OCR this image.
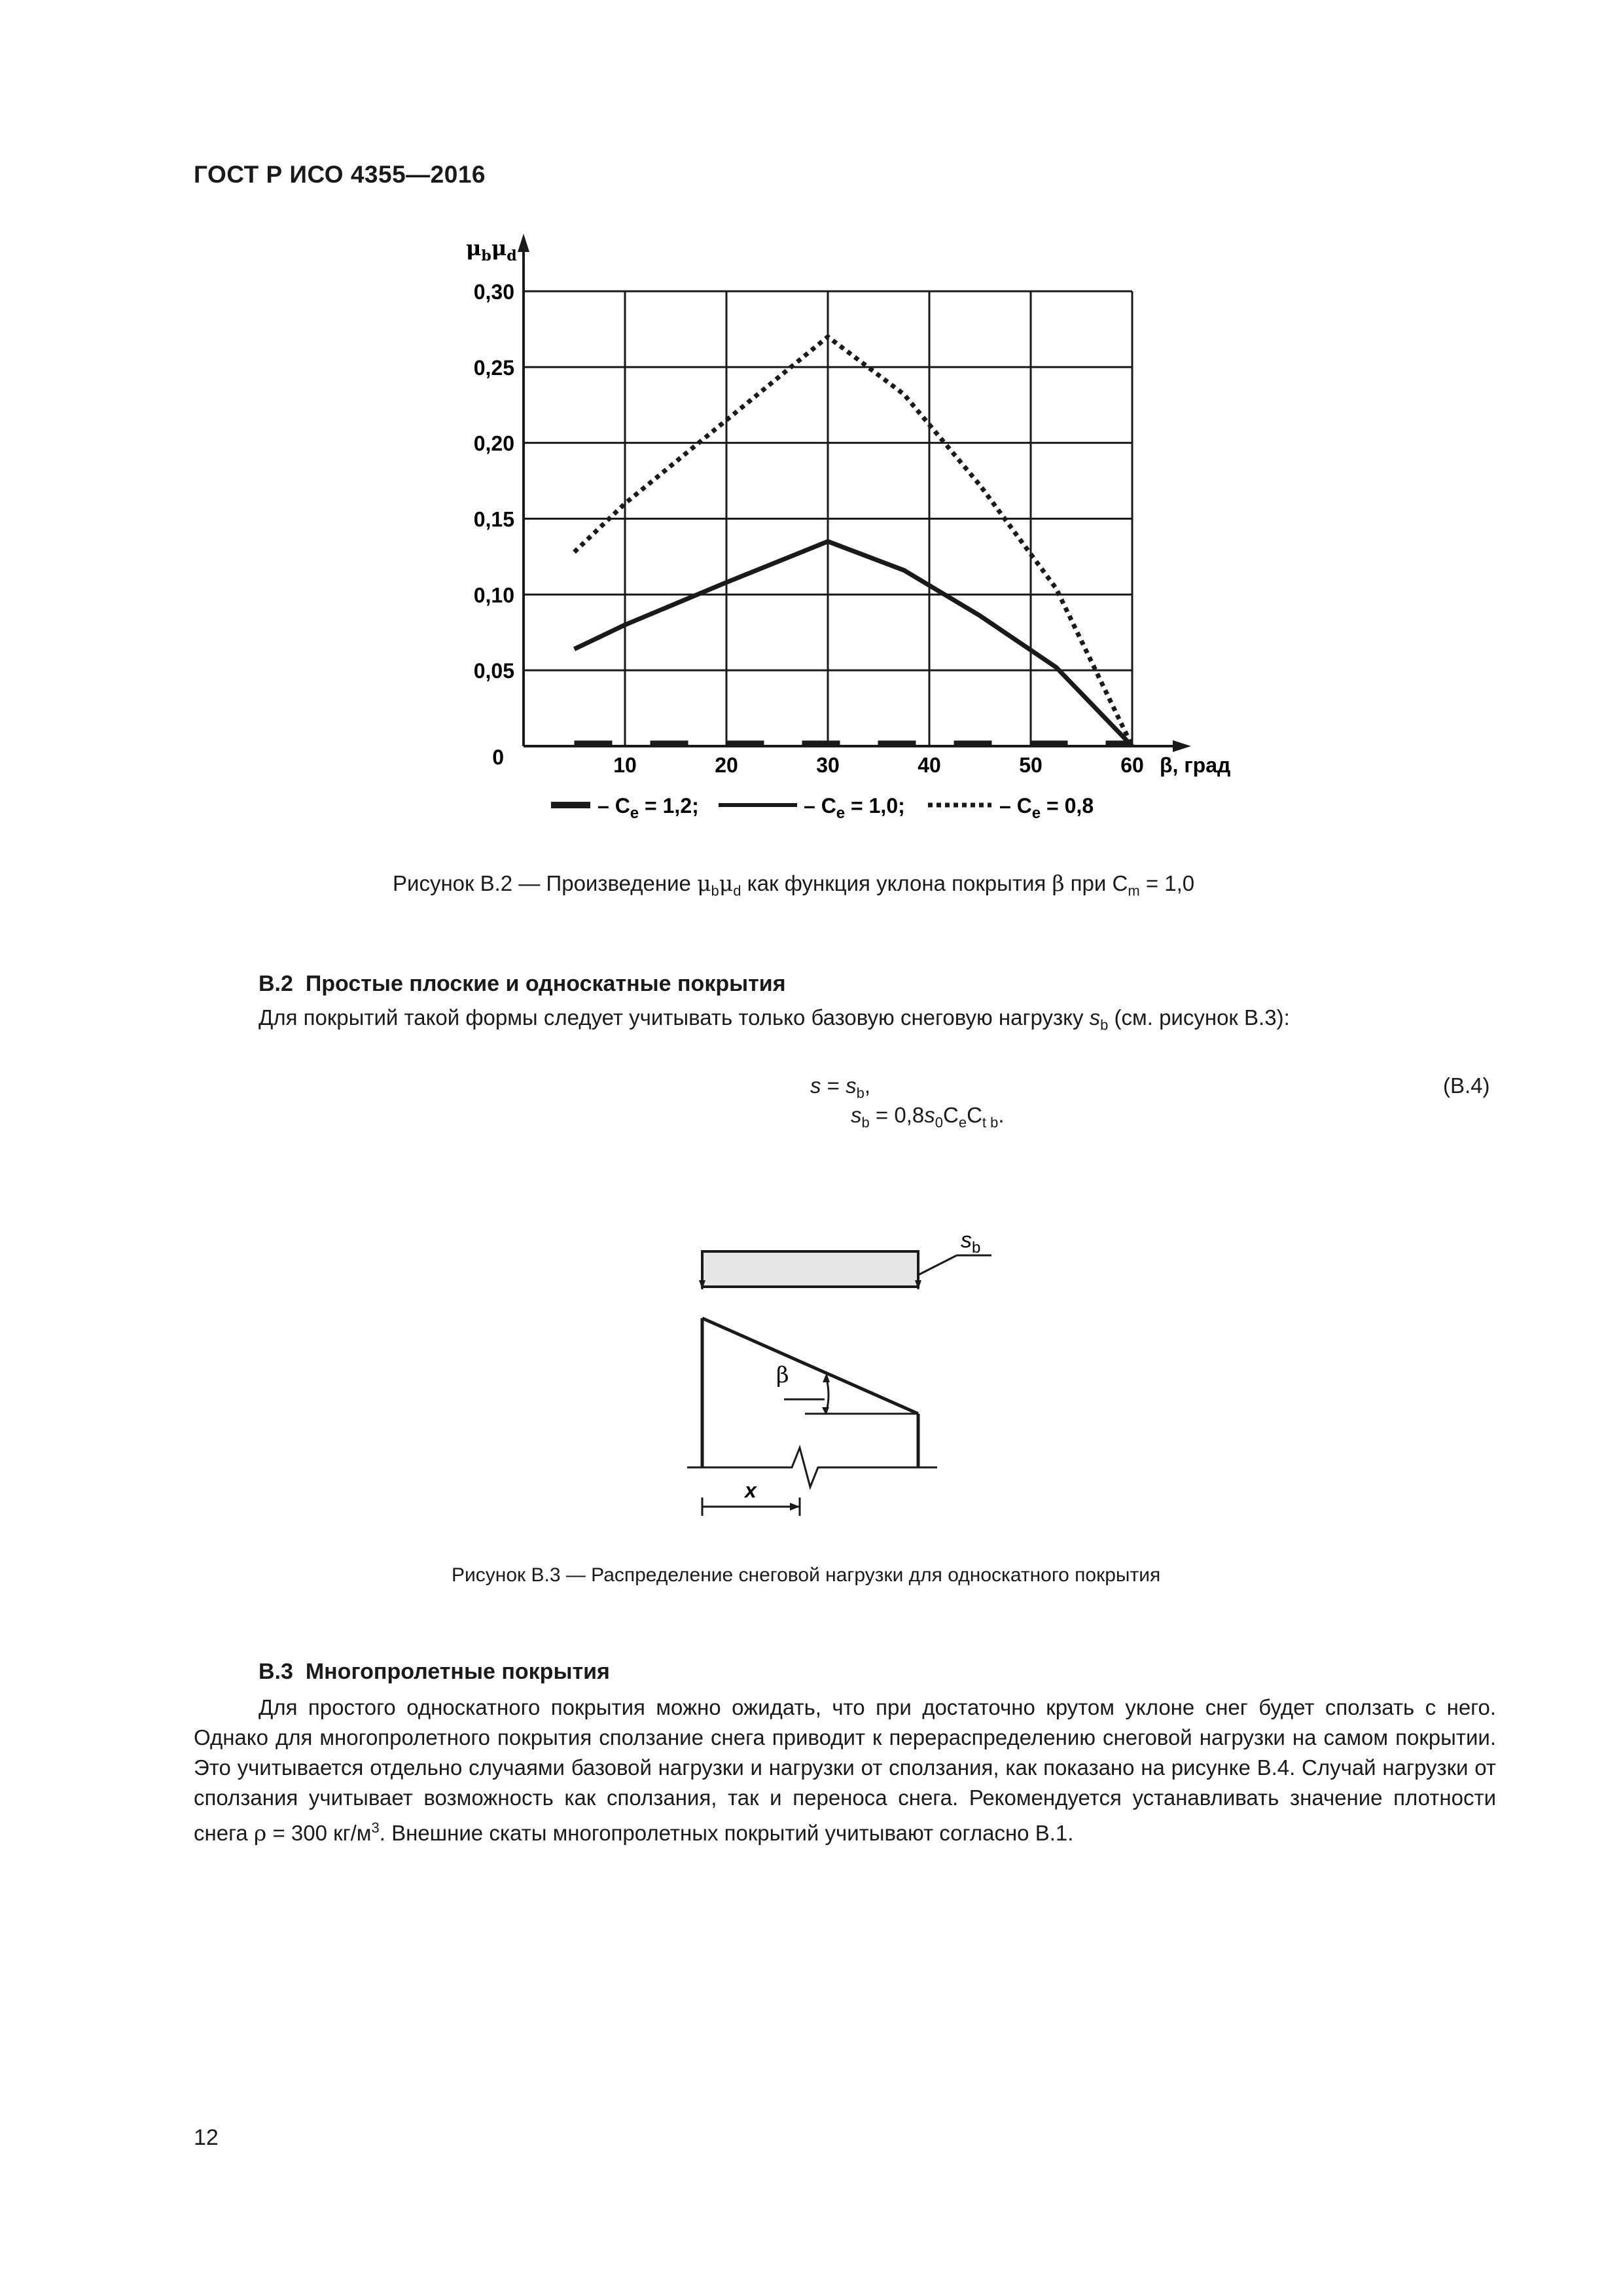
ГОСТ Р ИСО 4355—2016
$\mu_b\mu_d$
0
0,05
0,10
0,15
0,20
0,25
0,30
10	20	30	40	50	60 β, град
– $C_e = 1,2$;	– $C_e = 1,0$;	– $C_e = 0,8$
Рисунок В.2 — Произведение $\mu_b\mu_d$ как функция уклона покрытия β при $C_m = 1,0$
В.2 Простые плоские и односкатные покрытия
Для покрытий такой формы следует учитывать только базовую снеговую нагрузку $s_b$ (см. рисунок В.3):
$s = s_b$,
$s_b = 0,8s_0C_eC_{t b}$.
(В.4)
$s_b$
β
x
Рисунок В.3 — Распределение снеговой нагрузки для односкатного покрытия
В.3 Многопролетные покрытия
Для простого односкатного покрытия можно ожидать, что при достаточно крутом уклоне снег будет сползать с него. Однако для многопролетного покрытия сползание снега приводит к перераспределению снеговой нагрузки на самом покрытии. Это учитывается отдельно случаями базовой нагрузки и нагрузки от сползания, как показано на рисунке В.4. Случай нагрузки от сползания учитывает возможность как сползания, так и переноса снега. Рекомендуется устанавливать значение плотности снега ρ = 300 $кг/м^3$. Внешние скаты многопролетных покрытий учитывают согласно В.1.
12
